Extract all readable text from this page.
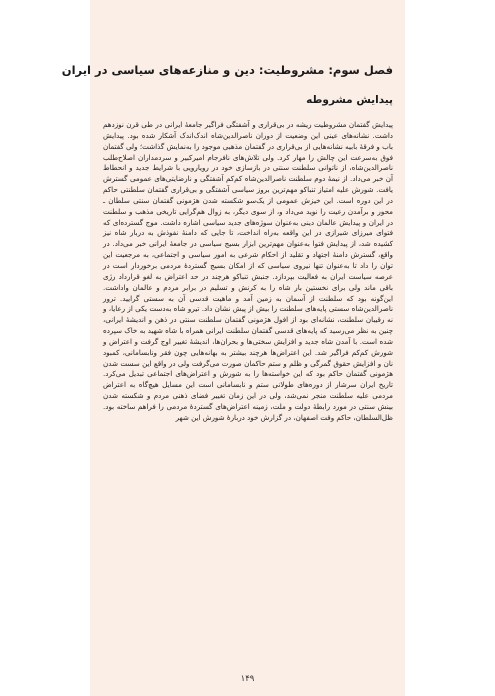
فصل سوم: مشروطیت: دین و منازعه‌های سیاسی در ایران
پیدایش مشروطه

پیدایش گفتمان مشروطیت ریشه در بی‌قراری و آشفتگی فراگیر جامعهٔ ایرانی در طی قرن نوزدهم داشت. نشانه‌های عینی این وضعیت از دوران ناصرالدین‌شاه اندک‌اندک آشکار شده بود. پیدایش باب و فرقهٔ بابیه نشانه‌هایی از بی‌قراری در گفتمان مذهبی موجود را به‌نمایش گذاشت؛ ولی گفتمان فوق به‌سرعت این چالش را مهار کرد. ولی تلاش‌های نافرجام امیرکبیر و سردمداران اصلاح‌طلب ناصرالدین‌شاه، از ناتوانی سلطنت سنتی در بازسازی خود در رویارویی با شرایط جدید و انحطاط آن خبر می‌داد. از نیمهٔ دوم سلطنت ناصرالدین‌شاه کم‌کم آشفتگی و نارضایتی‌های عمومی گسترش یافت. شورش علیه امتیاز تنباکو مهم‌ترین بروز سیاسی آشفتگی و بی‌قراری گفتمان سلطنتی حاکم در این دوره است. این خیزش عمومی از یک‌سو شکسته شدن هژمونی گفتمان سنتی سلطان ـ محور و برآمدن رعیت را نوید می‌داد و، از سوی دیگر، به زوال هم‌گرایی تاریخی مذهب و سلطنت در ایران و پیدایش عالمان دینی به‌عنوان سوژه‌های جدید سیاسی اشاره داشت. موج گسترده‌ای که فتوای میرزای شیرازی در این واقعه به‌راه انداخت، تا جایی که دامنهٔ نفوذش به دربار شاه نیز کشیده شد، از پیدایش فتوا به‌عنوان مهم‌ترین ابزار بسیج سیاسی در جامعهٔ ایرانی خبر می‌داد. در واقع، گسترش دامنهٔ اجتهاد و تقلید از احکام شرعی به امور سیاسی و اجتماعی، به مرجعیت این توان را داد تا به‌عنوان تنها نیروی سیاسی که از امکان بسیج گستردهٔ مردمی برخوردار است در عرصه سیاست ایران به فعالیت بپردازد. جنبش تنباکو هرچند در حد اعتراض به لغو قرارداد رژی باقی ماند ولی برای نخستین بار شاه را به کرنش و تسلیم در برابر مردم و عالمان واداشت. این‌گونه بود که سلطنت از آسمان به زمین آمد و ماهیت قدسی آن به سستی گرایید. ترور ناصرالدین‌شاه سستی پایه‌های سلطنت را بیش از پیش نشان داد. تیرو شاه به‌دست یکی از رعایا، و نه رقیبان سلطنت، نشانه‌ای بود از افول هژمونی گفتمان سلطنت سنتی در ذهن و اندیشهٔ ایرانی، چنین به نظر می‌رسید که پایه‌های قدسی گفتمان سلطنت ایرانی همراه با شاه شهید به خاک سپرده شده است. با آمدن شاه جدید و افزایش سختی‌ها و بحران‌ها، اندیشهٔ تغییر اوج گرفت و اعتراض و شورش کم‌کم فراگیر شد. این اعتراض‌ها هرچند بیشتر به بهانه‌هایی چون فقر ونابسامانی، کمبود نان و افزایش حقوق گمرگی و ظلم و ستم حاکمان صورت می‌گرفت ولی در واقع این سست شدن هژمونی گفتمان حاکم بود که این خواسته‌ها را به شورش و اعتراض‌های اجتماعی تبدیل می‌کرد. تاریخ ایران سرشار از دوره‌های طولانی ستم و نابسامانی است این مسایل هیچ‌گاه به اعتراض مردمی علیه سلطنت منجر نمی‌شد، ولی در این زمان تغییر فضای ذهنی مردم و شکسته شدن بینش سنتی در مورد رابطهٔ دولت و ملت، زمینه اعتراض‌های گستردهٔ مردمی را فراهم ساخته بود. ظل‌السلطان، حاکم وقت اصفهان، در گزارش خود دربارهٔ شورش این شهر

۱۴۹
